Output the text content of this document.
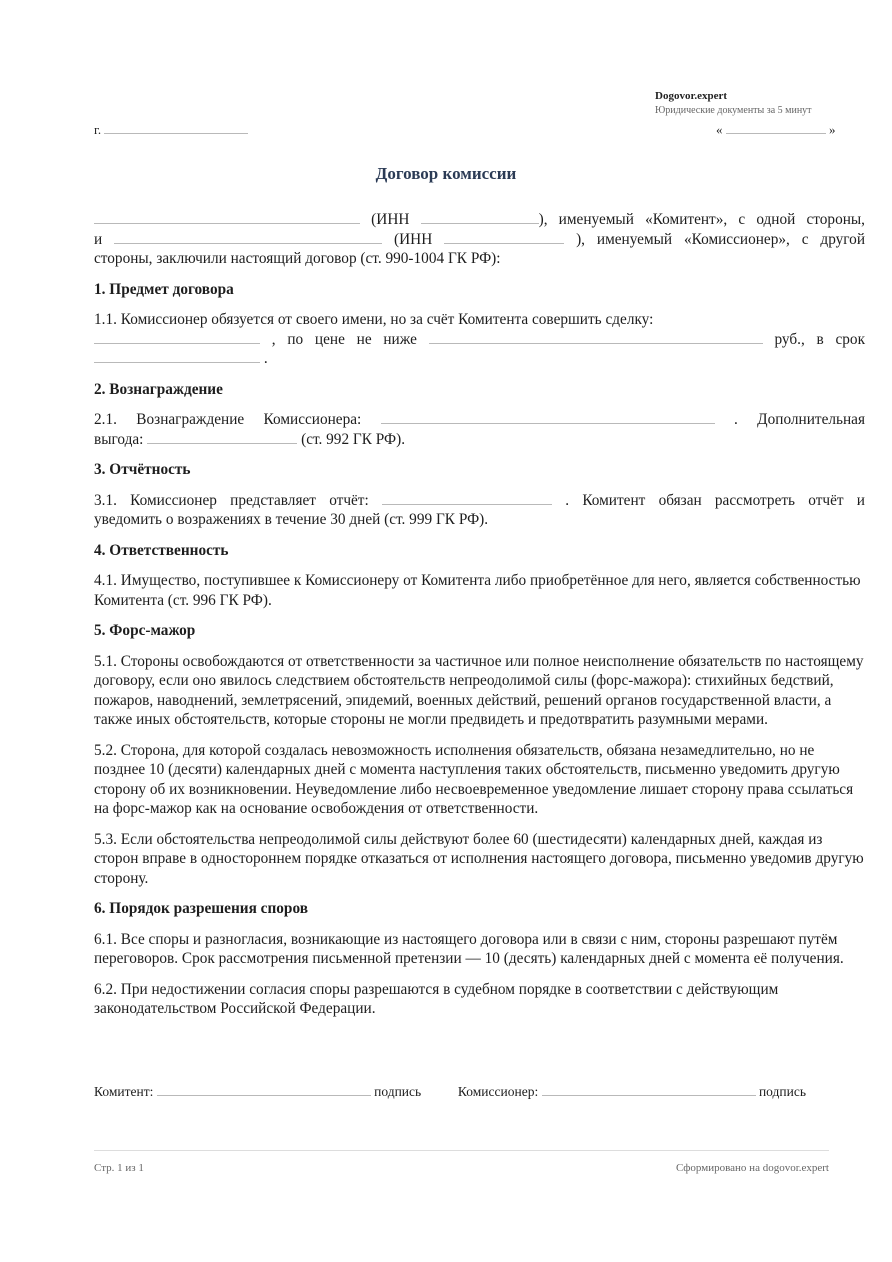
Dogovor.expert
Юридические документы за 5 минут
г.	«	»
Договор комиссии

(ИНН	), именуемый «Комитент», с одной стороны,

и	(ИНН	), именуемый «Комиссионер», с другой

стороны, заключили настоящий договор (ст. 990-1004 ГК РФ):

1. Предмет договора

1.1. Комиссионер обязуется от своего имени, но за счёт Комитента совершить сделку:

, по цене не ниже	руб., в срок

.

2. Вознаграждение

2.1. Вознаграждение Комиссионера:	. Дополнительная

выгода:	(ст. 992 ГК РФ).

3. Отчётность

3.1. Комиссионер представляет отчёт:	. Комитент обязан рассмотреть отчёт и

уведомить о возражениях в течение 30 дней (ст. 999 ГК РФ).

4. Ответственность

4.1. Имущество, поступившее к Комиссионеру от Комитента либо приобретённое для него, является собственностью Комитента (ст. 996 ГК РФ).

5. Форс-мажор

5.1. Стороны освобождаются от ответственности за частичное или полное неисполнение обязательств по настоящему договору, если оно явилось следствием обстоятельств непреодолимой силы (форс-мажора): стихийных бедствий, пожаров, наводнений, землетрясений, эпидемий, военных действий, решений органов государственной власти, а также иных обстоятельств, которые стороны не могли предвидеть и предотвратить разумными мерами.

5.2. Сторона, для которой создалась невозможность исполнения обязательств, обязана незамедлительно, но не позднее 10 (десяти) календарных дней с момента наступления таких обстоятельств, письменно уведомить другую сторону об их возникновении. Неуведомление либо несвоевременное уведомление лишает сторону права ссылаться на форс-мажор как на основание освобождения от ответственности.

5.3. Если обстоятельства непреодолимой силы действуют более 60 (шестидесяти) календарных дней, каждая из сторон вправе в одностороннем порядке отказаться от исполнения настоящего договора, письменно уведомив другую сторону.

6. Порядок разрешения споров

6.1. Все споры и разногласия, возникающие из настоящего договора или в связи с ним, стороны разрешают путём переговоров. Срок рассмотрения письменной претензии — 10 (десять) календарных дней с момента её получения.

6.2. При недостижении согласия споры разрешаются в судебном порядке в соответствии с действующим законодательством Российской Федерации.

Комитент:	подпись	Комиссионер:	подпись
Стр. 1 из 1	Сформировано на dogovor.expert
